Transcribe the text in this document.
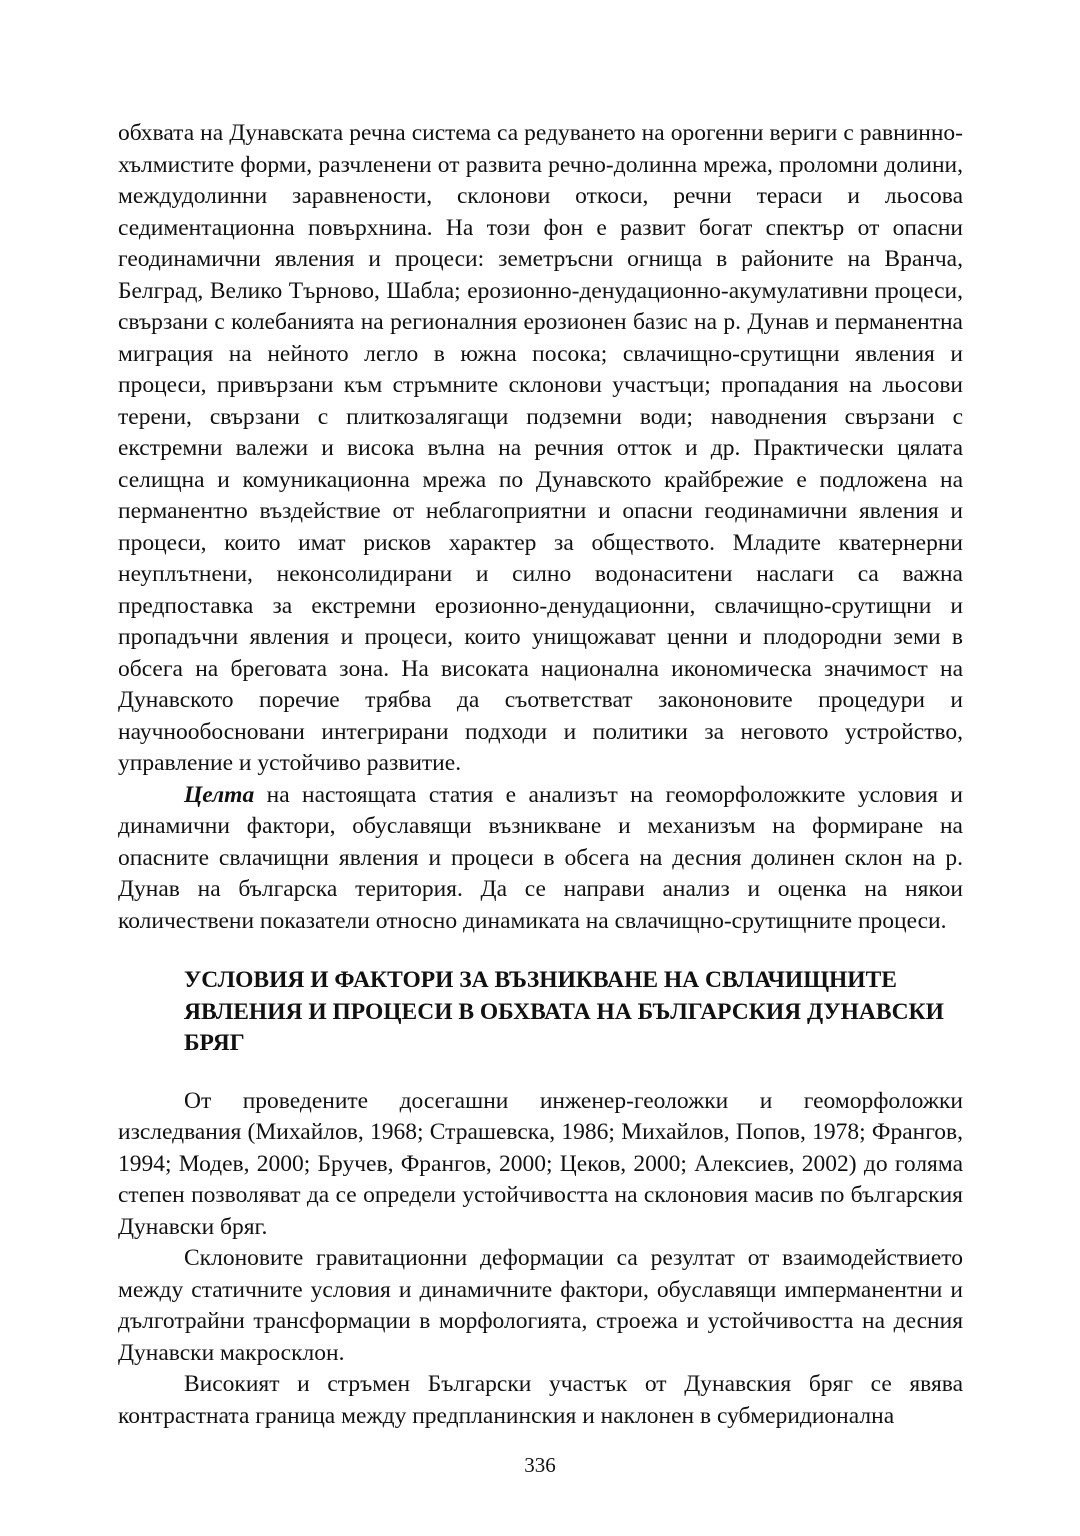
обхвата на Дунавската речна система са редуването на орогенни вериги с равнинно-хълмистите форми, разчленени от развита речно-долинна мрежа, проломни долини, междудолинни заравнености, склонови откоси, речни тераси и льосова седиментационна повърхнина. На този фон е развит богат спектър от опасни геодинамични явления и процеси: земетръсни огнища в районите на Вранча, Белград, Велико Търново, Шабла; ерозионно-денудационно-акумулативни процеси, свързани с колебанията на регионалния ерозионен базис на р. Дунав и перманентна миграция на нейното легло в южна посока; свлачищно-срутищни явления и процеси, привързани към стръмните склонови участъци; пропадания на льосови терени, свързани с плиткозалягащи подземни води; наводнения свързани с екстремни валежи и висока вълна на речния отток и др. Практически цялата селищна и комуникационна мрежа по Дунавското крайбрежие е подложена на перманентно въздействие от неблагоприятни и опасни геодинамични явления и процеси, които имат рисков характер за обществото. Младите кватернерни неуплътнени, неконсолидирани и силно водонаситени наслаги са важна предпоставка за екстремни ерозионно-денудационни, свлачищно-срутищни и пропадъчни явления и процеси, които унищожават ценни и плодородни земи в обсега на бреговата зона. На високата национална икономическа значимост на Дунавското поречие трябва да съответстват закононовите процедури и научнообосновани интегрирани подходи и политики за неговото устройство, управление и устойчиво развитие.

Целта на настоящата статия е анализът на геоморфоложките условия и динамични фактори, обуславящи възникване и механизъм на формиране на опасните свлачищни явления и процеси в обсега на десния долинен склон на р. Дунав на българска територия. Да се направи анализ и оценка на някои количествени показатели относно динамиката на свлачищно-срутищните процеси.

УСЛОВИЯ И ФАКТОРИ ЗА ВЪЗНИКВАНЕ НА СВЛАЧИЩНИТЕ ЯВЛЕНИЯ И ПРОЦЕСИ В ОБХВАТА НА БЪЛГАРСКИЯ ДУНАВСКИ БРЯГ

От проведените досегашни инженер-геоложки и геоморфоложки изследвания (Михайлов, 1968; Страшевска, 1986; Михайлов, Попов, 1978; Франгов, 1994; Модев, 2000; Бручев, Франгов, 2000; Цеков, 2000; Алексиев, 2002) до голяма степен позволяват да се определи устойчивостта на склоновия масив по българския Дунавски бряг.

Склоновите гравитационни деформации са резултат от взаимодействието между статичните условия и динамичните фактори, обуславящи имперманентни и дълготрайни трансформации в морфологията, строежа и устойчивостта на десния Дунавски макросклон.

Високият и стръмен Български участък от Дунавския бряг се явява контрастната граница между предпланинския и наклонен в субмеридионална

336
